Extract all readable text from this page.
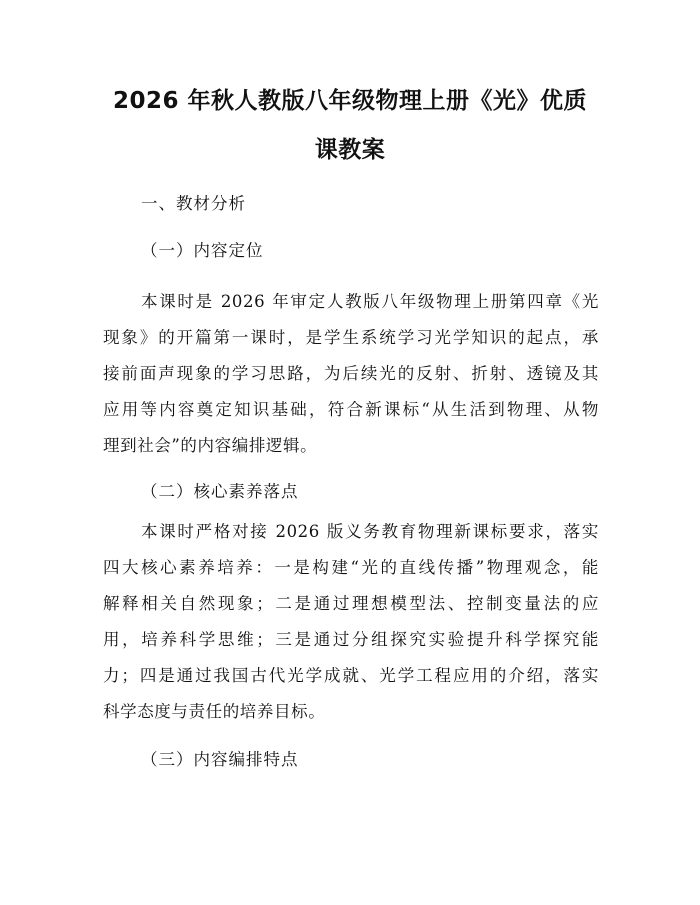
2026 年秋人教版八年级物理上册《光》优质
课教案
一、教材分析
（一）内容定位
本课时是 2026 年审定人教版八年级物理上册第四章《光
现象》的开篇第一课时，是学生系统学习光学知识的起点，承
接前面声现象的学习思路，为后续光的反射、折射、透镜及其
应用等内容奠定知识基础，符合新课标“从生活到物理、从物
理到社会”的内容编排逻辑。
（二）核心素养落点
本课时严格对接 2026 版义务教育物理新课标要求，落实
四大核心素养培养：一是构建“光的直线传播”物理观念，能
解释相关自然现象；二是通过理想模型法、控制变量法的应
用，培养科学思维；三是通过分组探究实验提升科学探究能
力；四是通过我国古代光学成就、光学工程应用的介绍，落实
科学态度与责任的培养目标。
（三）内容编排特点
